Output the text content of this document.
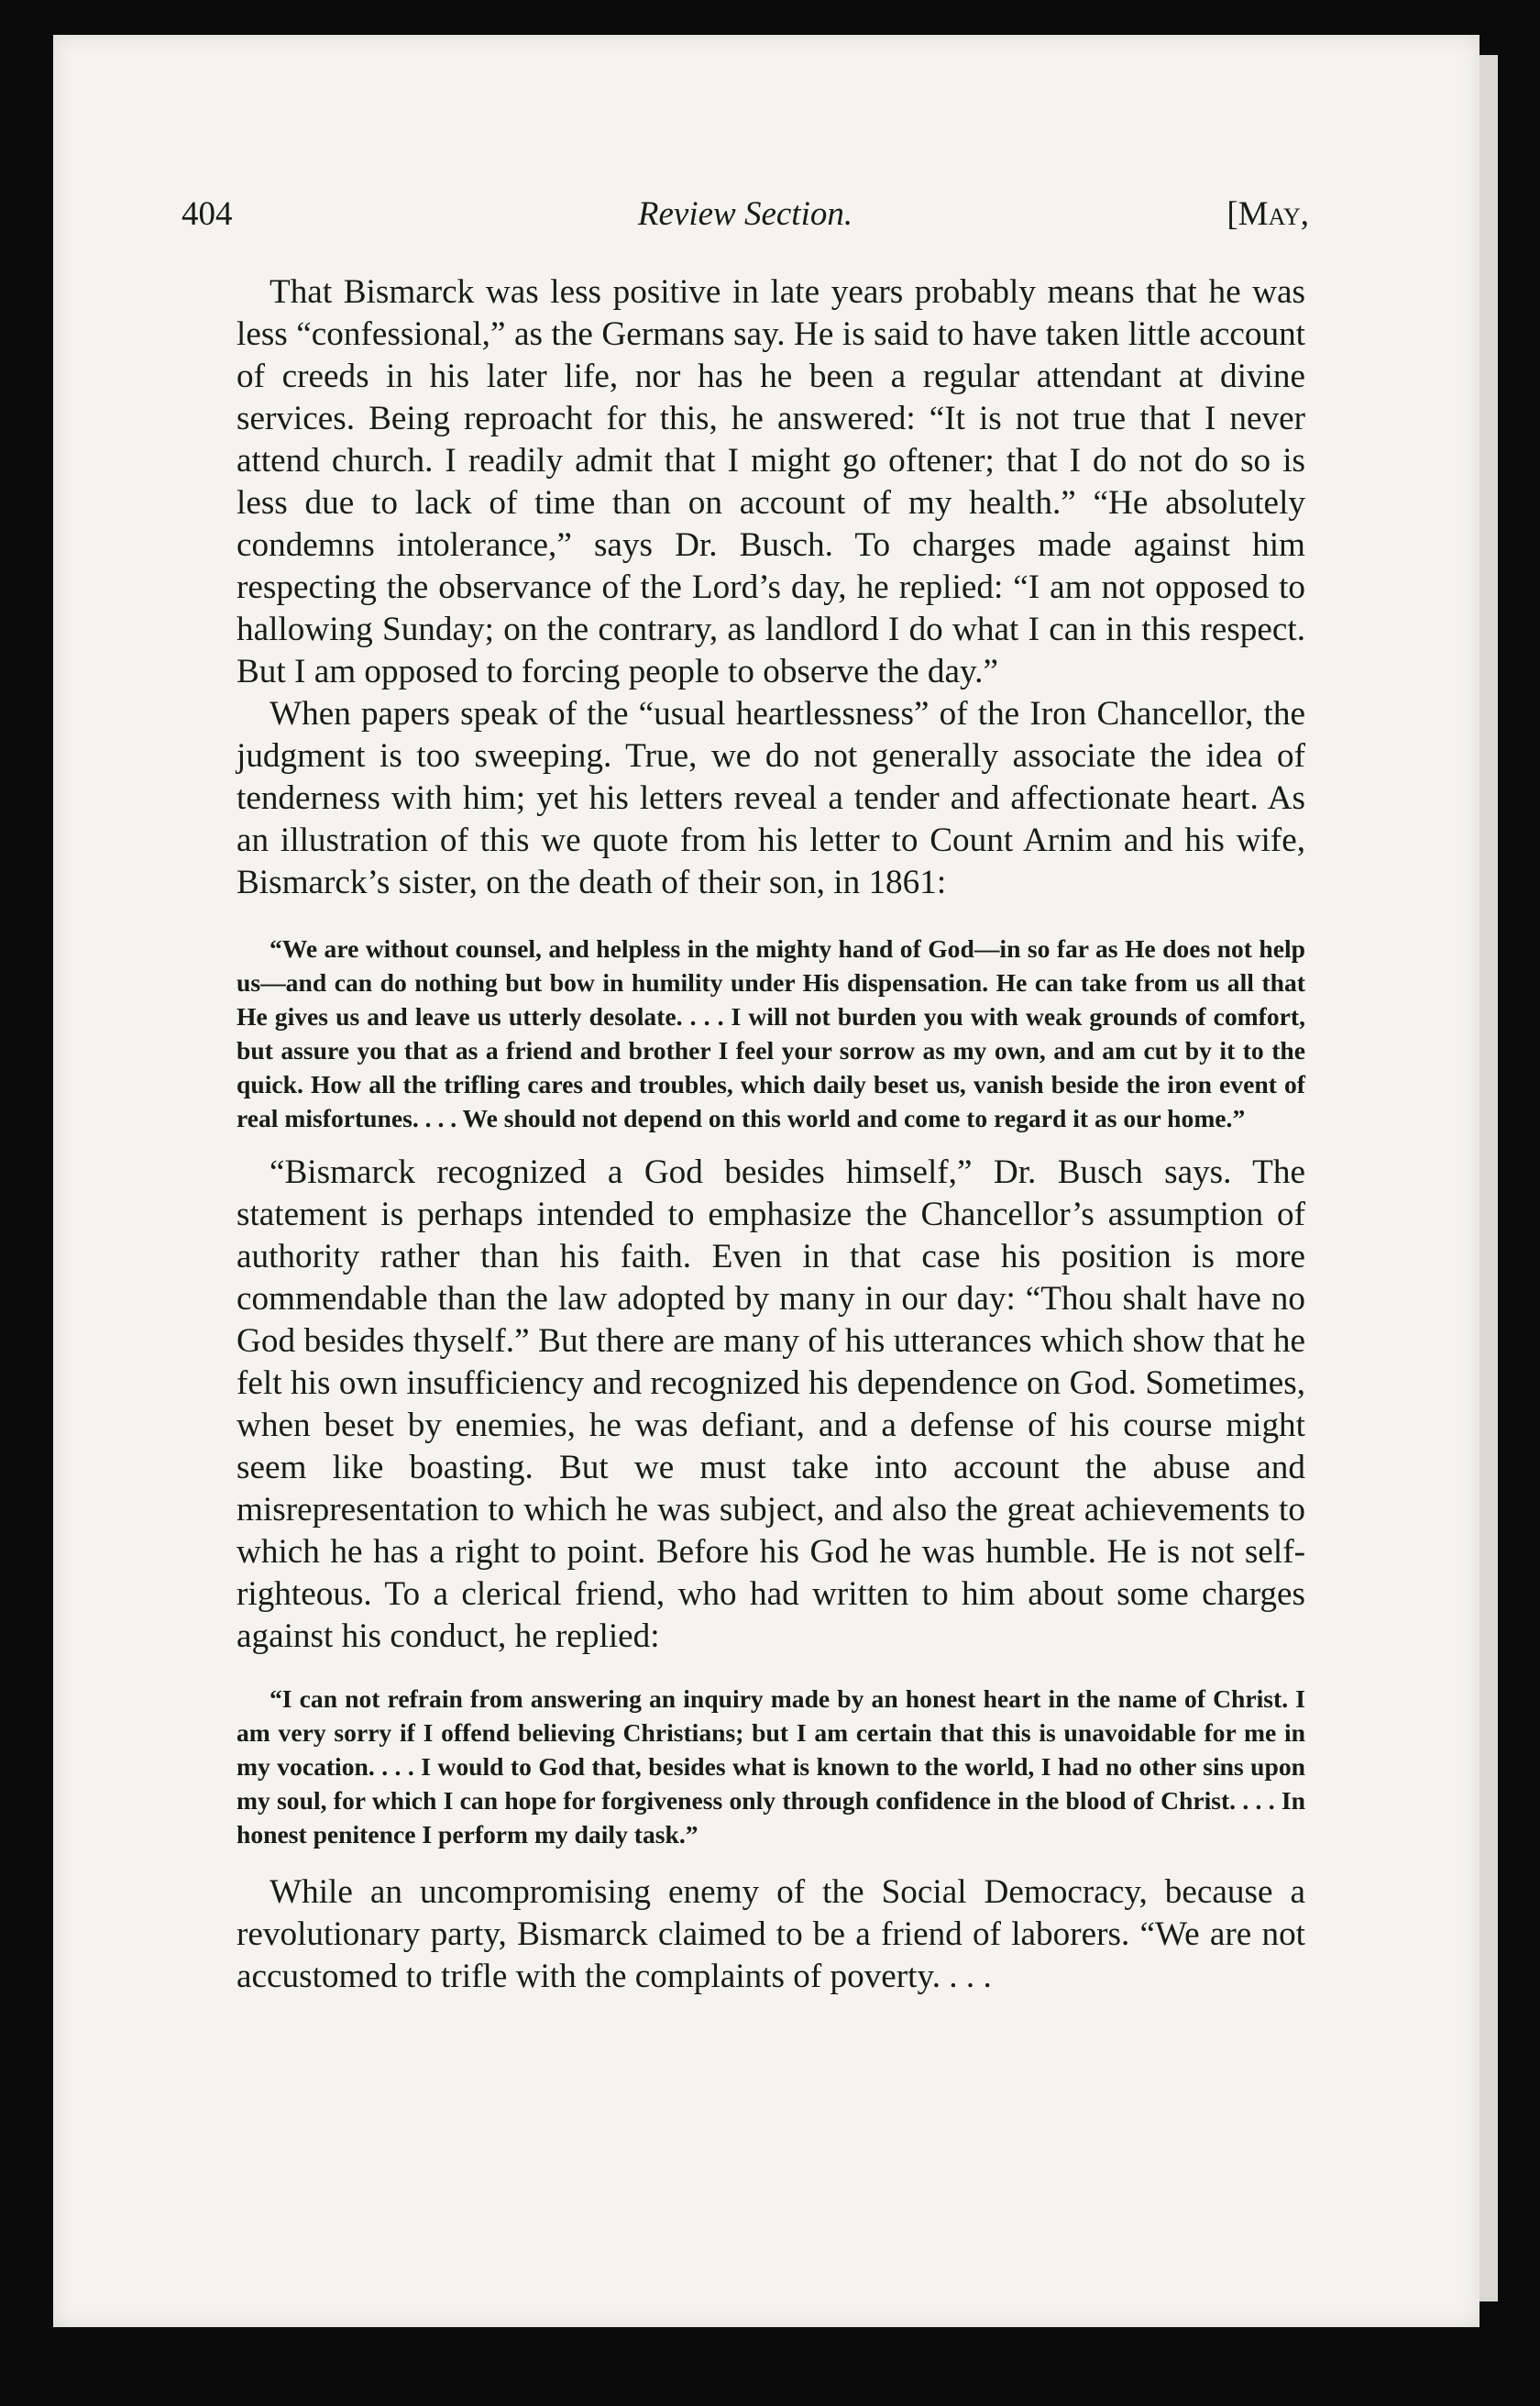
404	Review Section.	[May,

That Bismarck was less positive in late years probably means that he was less “confessional,” as the Germans say. He is said to have taken little account of creeds in his later life, nor has he been a regular attendant at divine services. Being reproacht for this, he answered: “It is not true that I never attend church. I readily admit that I might go oftener; that I do not do so is less due to lack of time than on account of my health.” “He absolutely condemns intolerance,” says Dr. Busch. To charges made against him respecting the observance of the Lord’s day, he replied: “I am not opposed to hallowing Sunday; on the contrary, as landlord I do what I can in this respect. But I am opposed to forcing people to observe the day.”

When papers speak of the “usual heartlessness” of the Iron Chancellor, the judgment is too sweeping. True, we do not generally associate the idea of tenderness with him; yet his letters reveal a tender and affectionate heart. As an illustration of this we quote from his letter to Count Arnim and his wife, Bismarck’s sister, on the death of their son, in 1861:

“We are without counsel, and helpless in the mighty hand of God—in so far as He does not help us—and can do nothing but bow in humility under His dispensation. He can take from us all that He gives us and leave us utterly desolate. . . . I will not burden you with weak grounds of comfort, but assure you that as a friend and brother I feel your sorrow as my own, and am cut by it to the quick. How all the trifling cares and troubles, which daily beset us, vanish beside the iron event of real misfortunes. . . . We should not depend on this world and come to regard it as our home.”

“Bismarck recognized a God besides himself,” Dr. Busch says. The statement is perhaps intended to emphasize the Chancellor’s assumption of authority rather than his faith. Even in that case his position is more commendable than the law adopted by many in our day: “Thou shalt have no God besides thyself.” But there are many of his utterances which show that he felt his own insufficiency and recognized his dependence on God. Sometimes, when beset by enemies, he was defiant, and a defense of his course might seem like boasting. But we must take into account the abuse and misrepresentation to which he was subject, and also the great achievements to which he has a right to point. Before his God he was humble. He is not self-righteous. To a clerical friend, who had written to him about some charges against his conduct, he replied:

“I can not refrain from answering an inquiry made by an honest heart in the name of Christ. I am very sorry if I offend believing Christians; but I am certain that this is unavoidable for me in my vocation. . . . I would to God that, besides what is known to the world, I had no other sins upon my soul, for which I can hope for forgiveness only through confidence in the blood of Christ. . . . In honest penitence I perform my daily task.”

While an uncompromising enemy of the Social Democracy, because a revolutionary party, Bismarck claimed to be a friend of laborers. “We are not accustomed to trifle with the complaints of poverty. . . .
